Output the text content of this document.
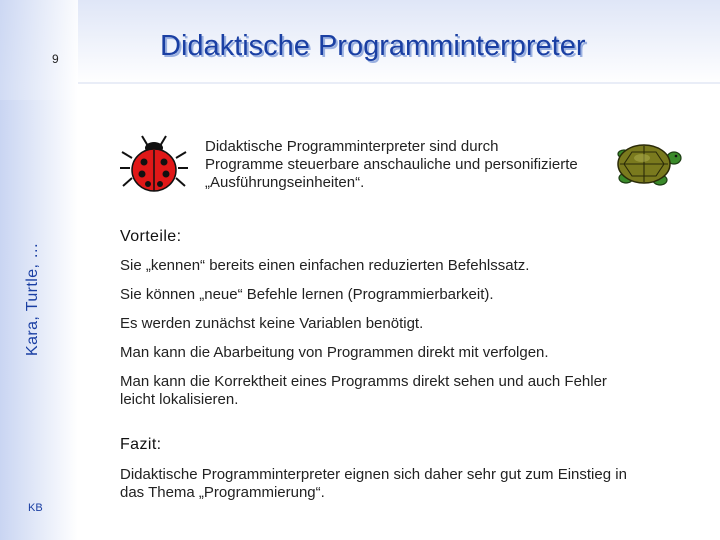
9	Didaktische Programminterpreter
Kara, Turtle, …
KB
Didaktische Programminterpreter sind durch
Programme steuerbare anschauliche und personifizierte
„Ausführungseinheiten“.
Vorteile:
Sie „kennen“ bereits einen einfachen reduzierten Befehlssatz.
Sie können „neue“ Befehle lernen (Programmierbarkeit).
Es werden zunächst keine Variablen benötigt.
Man kann die Abarbeitung von Programmen direkt mit verfolgen.
Man kann die Korrektheit eines Programms direkt sehen und auch Fehler
leicht lokalisieren.
Fazit:
Didaktische Programminterpreter eignen sich daher sehr gut zum Einstieg in
das Thema „Programmierung“.
